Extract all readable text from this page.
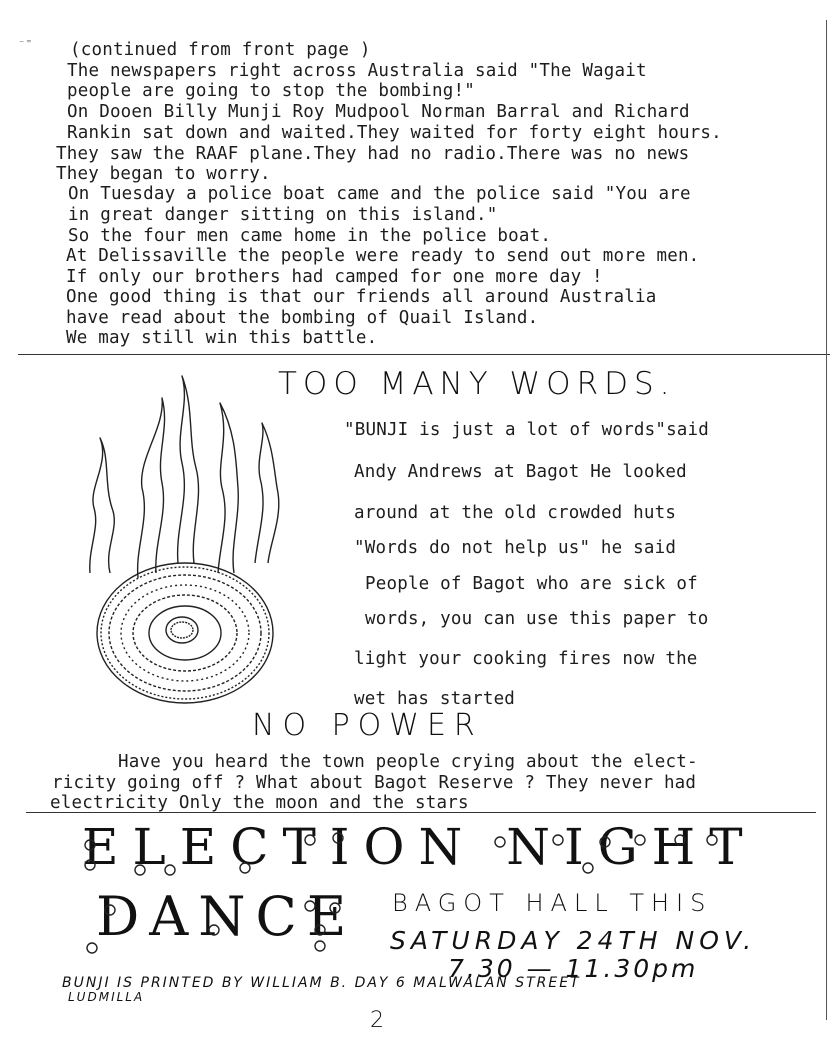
⁻⁼ (continued from front page )
The newspapers right across Australia said "The Wagait
people are going to stop the bombing!"
On Dooen Billy Munji Roy Mudpool Norman Barral and Richard
Rankin sat down and waited.They waited for forty eight hours.
They saw the RAAF plane.They had no radio.There was no news
They began to worry.
On Tuesday a police boat came and the police said "You are
in great danger sitting on this island."
So the four men came home in the police boat.
At Delissaville the people were ready to send out more men.
If only our brothers had camped for one more day !
One good thing is that our friends all around Australia
have read about the bombing of Quail Island.
We may still win this battle.
TOO MANY WORDS.
"BUNJI is just a lot of words"said
Andy Andrews at Bagot He looked
around at the old crowded huts
"Words do not help us" he said
People of Bagot who are sick of
words, you can use this paper to
light your cooking fires now the
wet has started
NO POWER
Have you heard the town people crying about the elect-
ricity going off ? What about Bagot Reserve ? They never had
electricity Only the moon and the stars
ELECTION NIGHT
DANCE BAGOT HALL THIS
SATURDAY 24TH NOV.
7.30 — 11.30pm
BUNJI IS PRINTED BY WILLIAM B. DAY 6 MALWALAN STREET
LUDMILLA
2
